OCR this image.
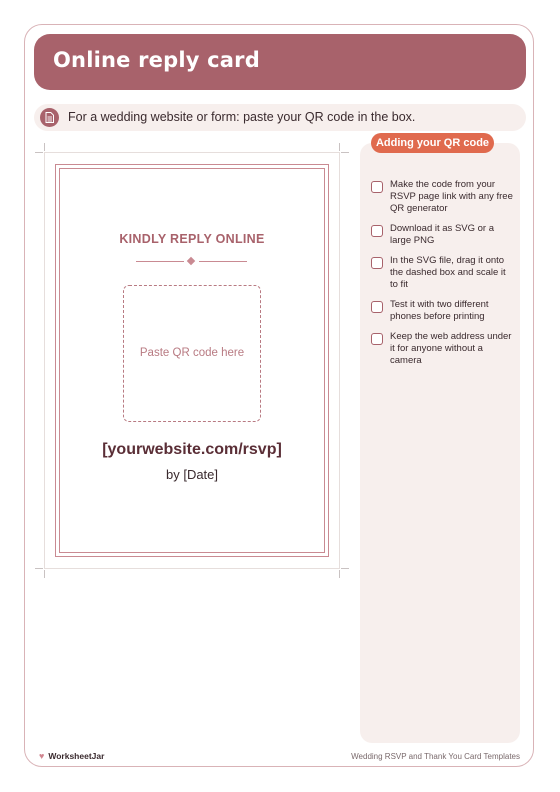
Online reply card
For a wedding website or form: paste your QR code in the box.
KINDLY REPLY ONLINE
Paste QR code here
[yourwebsite.com/rsvp]
by [Date]
Adding your QR code
Make the code from your RSVP page link with any free QR generator
Download it as SVG or a large PNG
In the SVG file, drag it onto the dashed box and scale it to fit
Test it with two different phones before printing
Keep the web address under it for anyone without a camera
♥ WorksheetJar	Wedding RSVP and Thank You Card Templates
